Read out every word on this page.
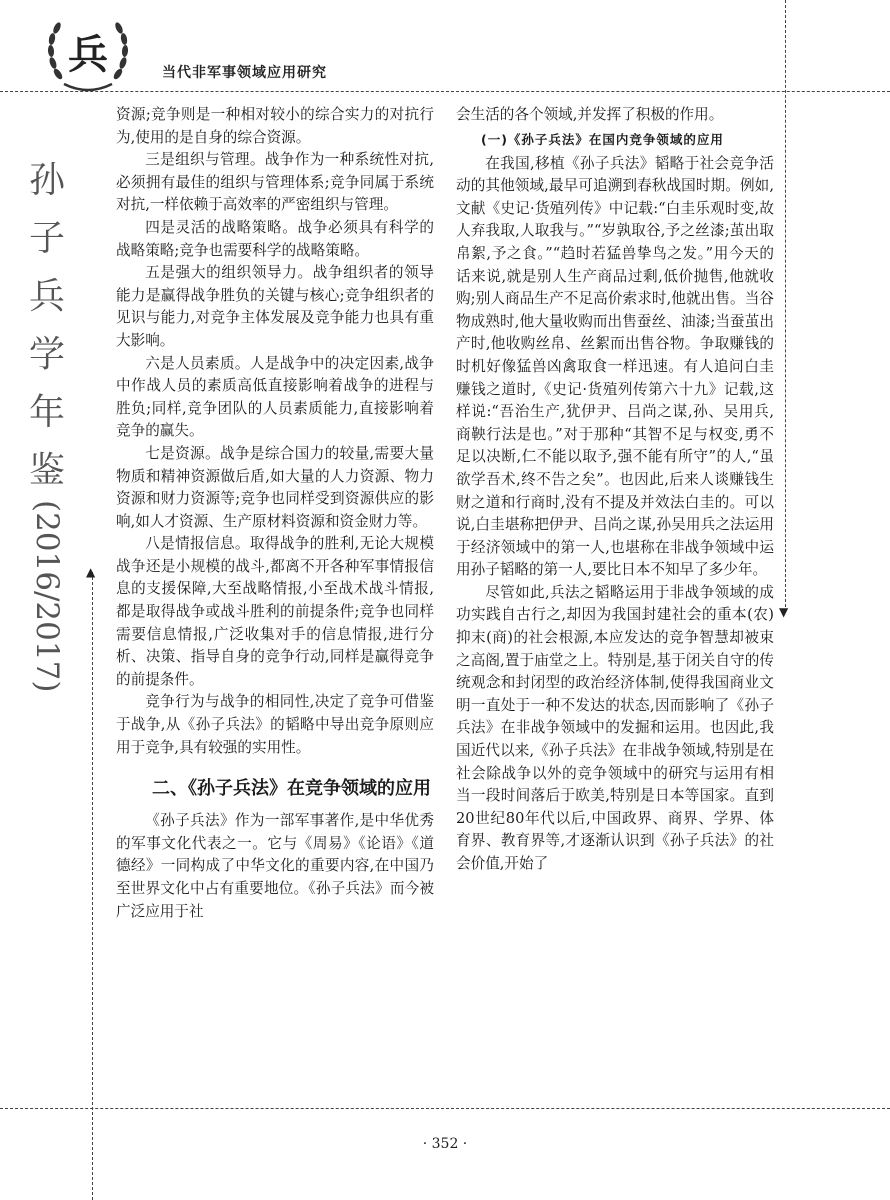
兵	当代非军事领域应用研究
孙
子
兵
学
年
鉴
(2016/2017)	▲
▼

资源;竞争则是一种相对较小的综合实力的对抗行为,使用的是自身的综合资源。

三是组织与管理。战争作为一种系统性对抗,必须拥有最佳的组织与管理体系;竞争同属于系统对抗,一样依赖于高效率的严密组织与管理。

四是灵活的战略策略。战争必须具有科学的战略策略;竞争也需要科学的战略策略。

五是强大的组织领导力。战争组织者的领导能力是赢得战争胜负的关键与核心;竞争组织者的见识与能力,对竞争主体发展及竞争能力也具有重大影响。

六是人员素质。人是战争中的决定因素,战争中作战人员的素质高低直接影响着战争的进程与胜负;同样,竞争团队的人员素质能力,直接影响着竞争的赢失。

七是资源。战争是综合国力的较量,需要大量物质和精神资源做后盾,如大量的人力资源、物力资源和财力资源等;竞争也同样受到资源供应的影响,如人才资源、生产原材料资源和资金财力等。

八是情报信息。取得战争的胜利,无论大规模战争还是小规模的战斗,都离不开各种军事情报信息的支援保障,大至战略情报,小至战术战斗情报,都是取得战争或战斗胜利的前提条件;竞争也同样需要信息情报,广泛收集对手的信息情报,进行分析、决策、指导自身的竞争行动,同样是赢得竞争的前提条件。

竞争行为与战争的相同性,决定了竞争可借鉴于战争,从《孙子兵法》的韬略中导出竞争原则应用于竞争,具有较强的实用性。

二、《孙子兵法》在竞争领域的应用

《孙子兵法》作为一部军事著作,是中华优秀的军事文化代表之一。它与《周易》《论语》《道德经》一同构成了中华文化的重要内容,在中国乃至世界文化中占有重要地位。《孙子兵法》而今被广泛应用于社

会生活的各个领域,并发挥了积极的作用。

(一)《孙子兵法》在国内竞争领域的应用

在我国,移植《孙子兵法》韬略于社会竞争活动的其他领域,最早可追溯到春秋战国时期。例如,文献《史记·货殖列传》中记载:“白圭乐观时变,故人弃我取,人取我与。”“岁孰取谷,予之丝漆;茧出取帛絮,予之食。”“趋时若猛兽挚鸟之发。”用今天的话来说,就是别人生产商品过剩,低价抛售,他就收购;别人商品生产不足高价索求时,他就出售。当谷物成熟时,他大量收购而出售蚕丝、油漆;当蚕茧出产时,他收购丝帛、丝絮而出售谷物。争取赚钱的时机好像猛兽凶禽取食一样迅速。有人追问白圭赚钱之道时,《史记·货殖列传第六十九》记载,这样说:“吾治生产,犹伊尹、吕尚之谋,孙、吴用兵,商鞅行法是也。”对于那种“其智不足与权变,勇不足以决断,仁不能以取予,强不能有所守”的人,“虽欲学吾术,终不告之矣”。也因此,后来人谈赚钱生财之道和行商时,没有不提及并效法白圭的。可以说,白圭堪称把伊尹、吕尚之谋,孙吴用兵之法运用于经济领域中的第一人,也堪称在非战争领域中运用孙子韬略的第一人,要比日本不知早了多少年。

尽管如此,兵法之韬略运用于非战争领域的成功实践自古行之,却因为我国封建社会的重本(农)抑末(商)的社会根源,本应发达的竞争智慧却被束之高阁,置于庙堂之上。特别是,基于闭关自守的传统观念和封闭型的政治经济体制,使得我国商业文明一直处于一种不发达的状态,因而影响了《孙子兵法》在非战争领域中的发掘和运用。也因此,我国近代以来,《孙子兵法》在非战争领域,特别是在社会除战争以外的竞争领域中的研究与运用有相当一段时间落后于欧美,特别是日本等国家。直到20世纪80年代以后,中国政界、商界、学界、体育界、教育界等,才逐渐认识到《孙子兵法》的社会价值,开始了

· 352 ·
